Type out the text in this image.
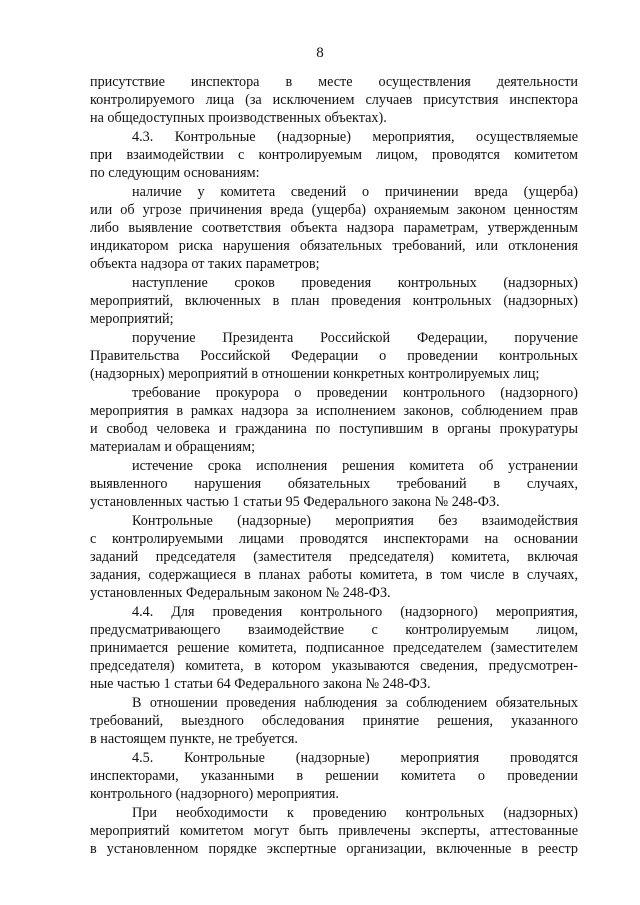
8
присутствие инспектора в месте осуществления деятельности
контролируемого лица (за исключением случаев присутствия инспектора
на общедоступных производственных объектах).
4.3. Контрольные (надзорные) мероприятия, осуществляемые
при взаимодействии с контролируемым лицом, проводятся комитетом
по следующим основаниям:
наличие у комитета сведений о причинении вреда (ущерба)
или об угрозе причинения вреда (ущерба) охраняемым законом ценностям
либо выявление соответствия объекта надзора параметрам, утвержденным
индикатором риска нарушения обязательных требований, или отклонения
объекта надзора от таких параметров;
наступление сроков проведения контрольных (надзорных)
мероприятий, включенных в план проведения контрольных (надзорных)
мероприятий;
поручение Президента Российской Федерации, поручение
Правительства Российской Федерации о проведении контрольных
(надзорных) мероприятий в отношении конкретных контролируемых лиц;
требование прокурора о проведении контрольного (надзорного)
мероприятия в рамках надзора за исполнением законов, соблюдением прав
и свобод человека и гражданина по поступившим в органы прокуратуры
материалам и обращениям;
истечение срока исполнения решения комитета об устранении
выявленного нарушения обязательных требований в случаях,
установленных частью 1 статьи 95 Федерального закона № 248-ФЗ.
Контрольные (надзорные) мероприятия без взаимодействия
с контролируемыми лицами проводятся инспекторами на основании
заданий председателя (заместителя председателя) комитета, включая
задания, содержащиеся в планах работы комитета, в том числе в случаях,
установленных Федеральным законом № 248-ФЗ.
4.4. Для проведения контрольного (надзорного) мероприятия,
предусматривающего взаимодействие с контролируемым лицом,
принимается решение комитета, подписанное председателем (заместителем
председателя) комитета, в котором указываются сведения, предусмотрен-
ные частью 1 статьи 64 Федерального закона № 248-ФЗ.
В отношении проведения наблюдения за соблюдением обязательных
требований, выездного обследования принятие решения, указанного
в настоящем пункте, не требуется.
4.5. Контрольные (надзорные) мероприятия проводятся
инспекторами, указанными в решении комитета о проведении
контрольного (надзорного) мероприятия.
При необходимости к проведению контрольных (надзорных)
мероприятий комитетом могут быть привлечены эксперты, аттестованные
в установленном порядке экспертные организации, включенные в реестр
